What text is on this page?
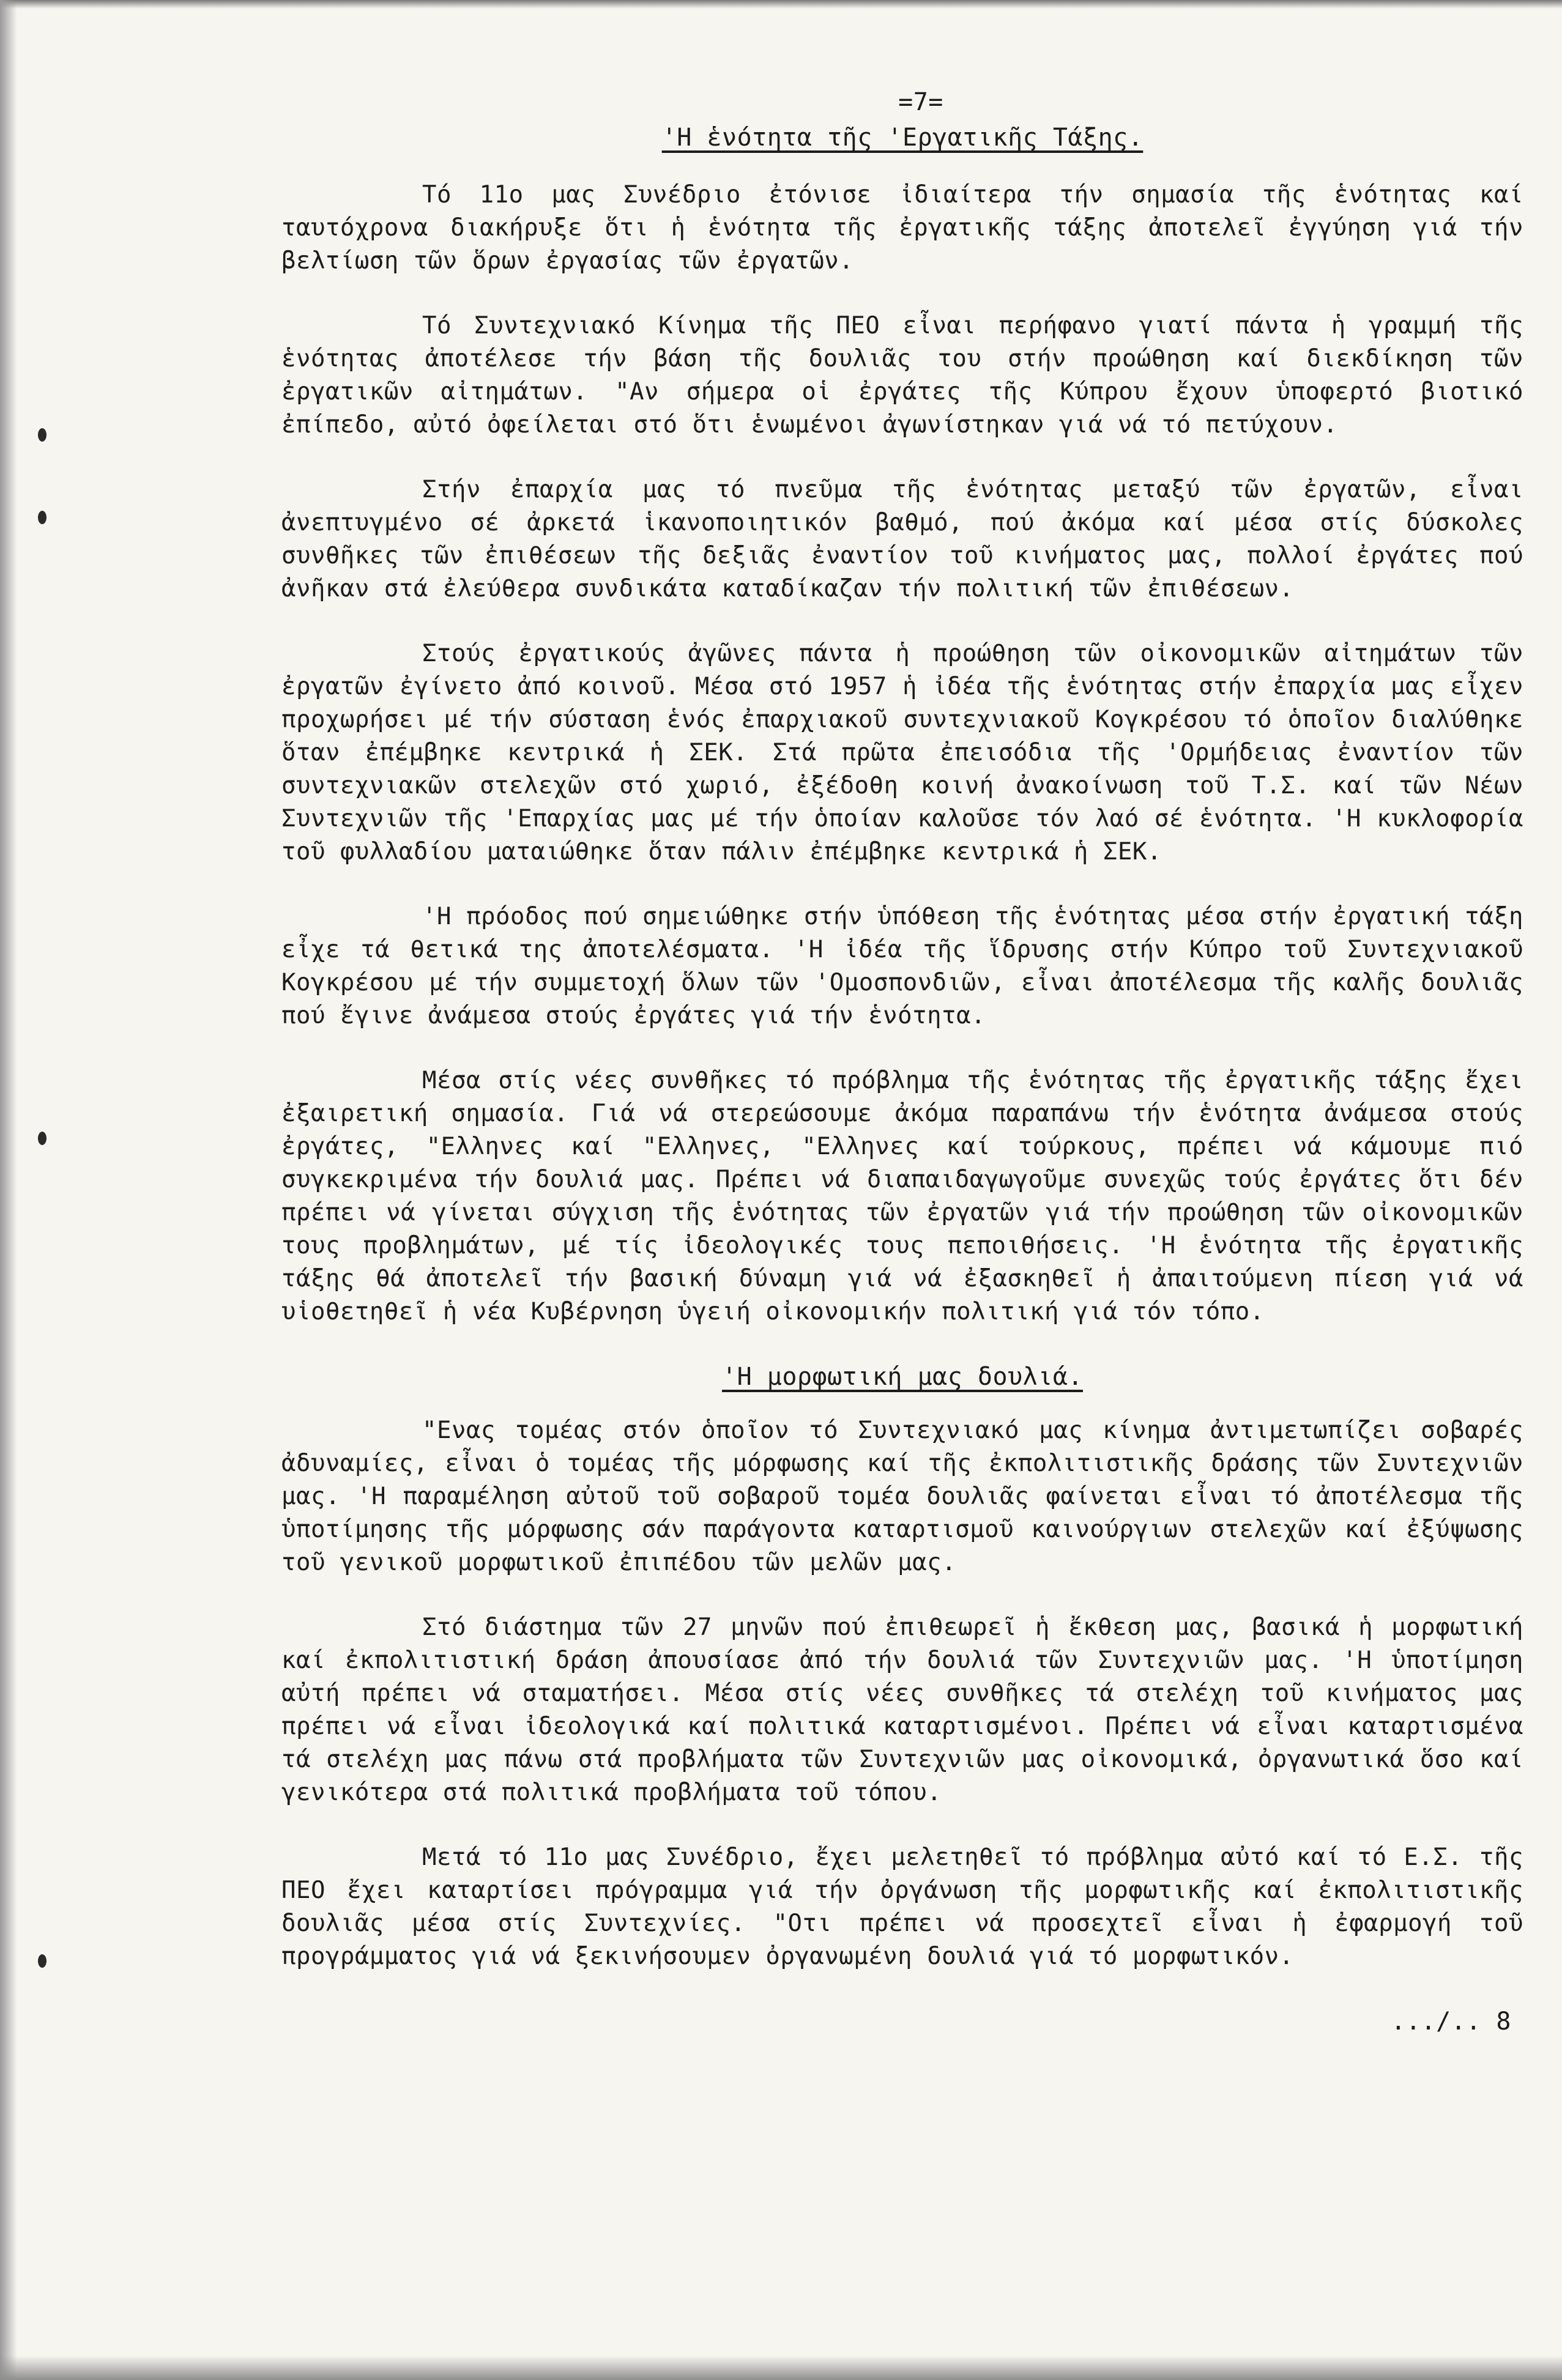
=7=
'Η ἑνότητα τῆς 'Εργατικῆς Τάξης.

Τό 11ο μας Συνέδριο ἐτόνισε ἰδιαίτερα τήν σημασία τῆς ἑνότητας καί ταυτόχρονα διακήρυξε ὅτι ἡ ἑνότητα τῆς ἐργατικῆς τάξης ἀποτελεῖ ἐγγύηση γιά τήν βελτίωση τῶν ὅρων ἐργασίας τῶν ἐργατῶν.

Τό Συντεχνιακό Κίνημα τῆς ΠΕΟ εἶναι περήφανο γιατί πάντα ἡ γραμμή τῆς ἑνότητας ἀποτέλεσε τήν βάση τῆς δουλιᾶς του στήν προώθηση καί διεκδίκηση τῶν ἐργατικῶν αἰτημάτων. "Αν σήμερα οἱ ἐργάτες τῆς Κύπρου ἔχουν ὑποφερτό βιοτικό ἐπίπεδο, αὐτό ὀφείλεται στό ὅτι ἑνωμένοι ἀγωνίστηκαν γιά νά τό πετύχουν.

Στήν ἐπαρχία μας τό πνεῦμα τῆς ἑνότητας μεταξύ τῶν ἐργατῶν, εἶναι ἀνεπτυγμένο σέ ἀρκετά ἱκανοποιητικόν βαθμό, πού ἀκόμα καί μέσα στίς δύσκολες συνθῆκες τῶν ἐπιθέσεων τῆς δεξιᾶς ἐναντίον τοῦ κινήματος μας, πολλοί ἐργάτες πού ἀνῆκαν στά ἐλεύθερα συνδικάτα καταδίκαζαν τήν πολιτική τῶν ἐπιθέσεων.

Στούς ἐργατικούς ἀγῶνες πάντα ἡ προώθηση τῶν οἰκονομικῶν αἰτημάτων τῶν ἐργατῶν ἐγίνετο ἀπό κοινοῦ. Μέσα στό 1957 ἡ ἰδέα τῆς ἑνότητας στήν ἐπαρχία μας εἶχεν προχωρήσει μέ τήν σύσταση ἑνός ἐπαρχιακοῦ συντεχνιακοῦ Κογκρέσου τό ὁποῖον διαλύθηκε ὅταν ἐπέμβηκε κεντρικά ἡ ΣΕΚ. Στά πρῶτα ἐπεισόδια τῆς 'Ορμήδειας ἐναντίον τῶν συντεχνιακῶν στελεχῶν στό χωριό, ἐξέδοθη κοινή ἀνακοίνωση τοῦ Τ.Σ. καί τῶν Νέων Συντεχνιῶν τῆς 'Επαρχίας μας μέ τήν ὁποίαν καλοῦσε τόν λαό σέ ἑνότητα. 'Η κυκλοφορία τοῦ φυλλαδίου ματαιώθηκε ὅταν πάλιν ἐπέμβηκε κεντρικά ἡ ΣΕΚ.

'Η πρόοδος πού σημειώθηκε στήν ὑπόθεση τῆς ἑνότητας μέσα στήν ἐργατική τάξη εἶχε τά θετικά της ἀποτελέσματα. 'Η ἰδέα τῆς ἵδρυσης στήν Κύπρο τοῦ Συντεχνιακοῦ Κογκρέσου μέ τήν συμμετοχή ὅλων τῶν 'Ομοσπονδιῶν, εἶναι ἀποτέλεσμα τῆς καλῆς δουλιᾶς πού ἔγινε ἀνάμεσα στούς ἐργάτες γιά τήν ἑνότητα.

Μέσα στίς νέες συνθῆκες τό πρόβλημα τῆς ἑνότητας τῆς ἐργατικῆς τάξης ἔχει ἐξαιρετική σημασία. Γιά νά στερεώσουμε ἀκόμα παραπάνω τήν ἑνότητα ἀνάμεσα στούς ἐργάτες, "Ελληνες καί "Ελληνες, "Ελληνες καί τούρκους, πρέπει νά κάμουμε πιό συγκεκριμένα τήν δουλιά μας. Πρέπει νά διαπαιδαγωγοῦμε συνεχῶς τούς ἐργάτες ὅτι δέν πρέπει νά γίνεται σύγχιση τῆς ἑνότητας τῶν ἐργατῶν γιά τήν προώθηση τῶν οἰκονομικῶν τους προβλημάτων, μέ τίς ἰδεολογικές τους πεποιθήσεις. 'Η ἑνότητα τῆς ἐργατικῆς τάξης θά ἀποτελεῖ τήν βασική δύναμη γιά νά ἐξασκηθεῖ ἡ ἀπαιτούμενη πίεση γιά νά υἱοθετηθεῖ ἡ νέα Κυβέρνηση ὑγειή οἰκονομικήν πολιτική γιά τόν τόπο.

'Η μορφωτική μας δουλιά.

"Ενας τομέας στόν ὁποῖον τό Συντεχνιακό μας κίνημα ἀντιμετωπίζει σοβαρές ἀδυναμίες, εἶναι ὁ τομέας τῆς μόρφωσης καί τῆς ἐκπολιτιστικῆς δράσης τῶν Συντεχνιῶν μας. 'Η παραμέληση αὐτοῦ τοῦ σοβαροῦ τομέα δουλιᾶς φαίνεται εἶναι τό ἀποτέλεσμα τῆς ὑποτίμησης τῆς μόρφωσης σάν παράγοντα καταρτισμοῦ καινούργιων στελεχῶν καί ἐξύψωσης τοῦ γενικοῦ μορφωτικοῦ ἐπιπέδου τῶν μελῶν μας.

Στό διάστημα τῶν 27 μηνῶν πού ἐπιθεωρεῖ ἡ ἔκθεση μας, βασικά ἡ μορφωτική καί ἐκπολιτιστική δράση ἀπουσίασε ἀπό τήν δουλιά τῶν Συντεχνιῶν μας. 'Η ὑποτίμηση αὐτή πρέπει νά σταματήσει. Μέσα στίς νέες συνθῆκες τά στελέχη τοῦ κινήματος μας πρέπει νά εἶναι ἰδεολογικά καί πολιτικά καταρτισμένοι. Πρέπει νά εἶναι καταρτισμένα τά στελέχη μας πάνω στά προβλήματα τῶν Συντεχνιῶν μας οἰκονομικά, ὀργανωτικά ὅσο καί γενικότερα στά πολιτικά προβλήματα τοῦ τόπου.

Μετά τό 11ο μας Συνέδριο, ἔχει μελετηθεῖ τό πρόβλημα αὐτό καί τό Ε.Σ. τῆς ΠΕΟ ἔχει καταρτίσει πρόγραμμα γιά τήν ὀργάνωση τῆς μορφωτικῆς καί ἐκπολιτιστικῆς δουλιᾶς μέσα στίς Συντεχνίες. "Οτι πρέπει νά προσεχτεῖ εἶναι ἡ ἐφαρμογή τοῦ προγράμματος γιά νά ξεκινήσουμεν ὀργανωμένη δουλιά γιά τό μορφωτικόν.

.../.. 8
